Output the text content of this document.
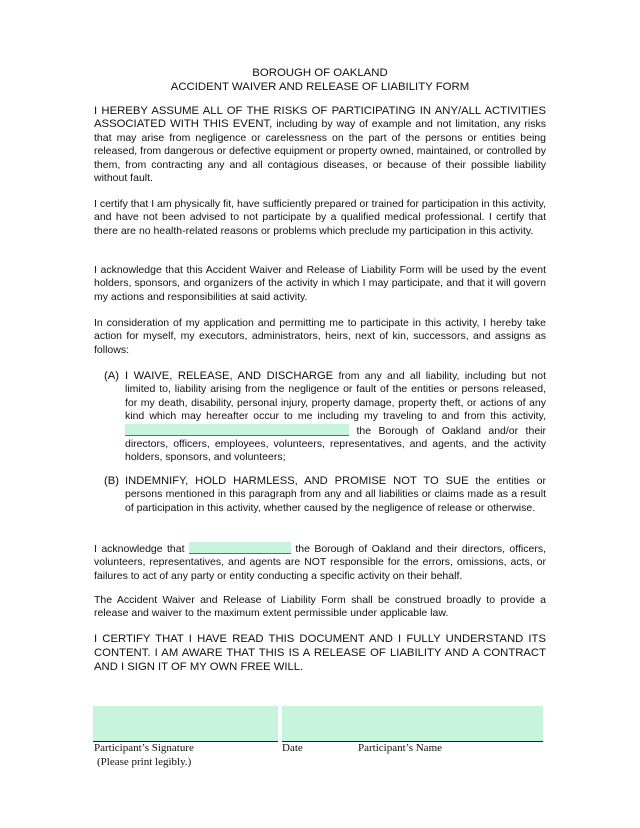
BOROUGH OF OAKLAND
ACCIDENT WAIVER AND RELEASE OF LIABILITY FORM

I HEREBY ASSUME ALL OF THE RISKS OF PARTICIPATING IN ANY/ALL ACTIVITIES ASSOCIATED WITH THIS EVENT, including by way of example and not limitation, any risks that may arise from negligence or carelessness on the part of the persons or entities being released, from dangerous or defective equipment or property owned, maintained, or controlled by them, from contracting any and all contagious diseases, or because of their possible liability without fault.

I certify that I am physically fit, have sufficiently prepared or trained for participation in this activity, and have not been advised to not participate by a qualified medical professional. I certify that there are no health-related reasons or problems which preclude my participation in this activity.

I acknowledge that this Accident Waiver and Release of Liability Form will be used by the event holders, sponsors, and organizers of the activity in which I may participate, and that it will govern my actions and responsibilities at said activity.

In consideration of my application and permitting me to participate in this activity, I hereby take action for myself, my executors, administrators, heirs, next of kin, successors, and assigns as follows:

(A) I WAIVE, RELEASE, AND DISCHARGE from any and all liability, including but not limited to, liability arising from the negligence or fault of the entities or persons released, for my death, disability, personal injury, property damage, property theft, or actions of any kind which may hereafter occur to me including my traveling to and from this activity,  the Borough of Oakland and/or their directors, officers, employees, volunteers, representatives, and agents, and the activity holders, sponsors, and volunteers;

(B) INDEMNIFY, HOLD HARMLESS, AND PROMISE NOT TO SUE the entities or persons mentioned in this paragraph from any and all liabilities or claims made as a result of participation in this activity, whether caused by the negligence of release or otherwise.

I acknowledge that	the Borough of Oakland and their directors, officers, volunteers, representatives, and agents are NOT responsible for the errors, omissions, acts, or failures to act of any party or entity conducting a specific activity on their behalf.

The Accident Waiver and Release of Liability Form shall be construed broadly to provide a release and waiver to the maximum extent permissible under applicable law.

I CERTIFY THAT I HAVE READ THIS DOCUMENT AND I FULLY UNDERSTAND ITS CONTENT. I AM AWARE THAT THIS IS A RELEASE OF LIABILITY AND A CONTRACT AND I SIGN IT OF MY OWN FREE WILL.

Participant’s Signature
(Please print legibly.)
Date	Participant’s Name
